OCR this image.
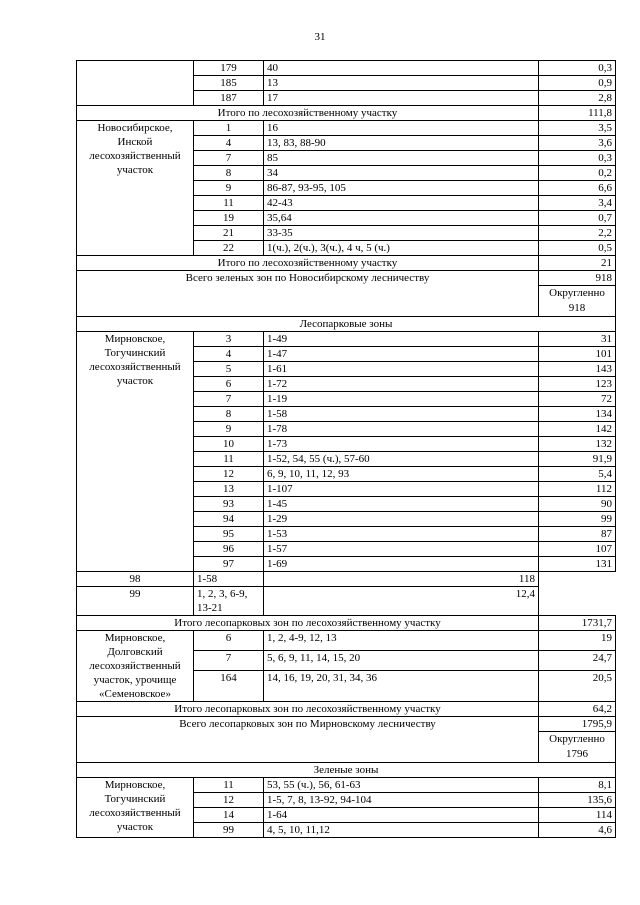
31
	179	40	0,3
	185	13	0,9
	187	17	2,8
Итого по лесохозяйственному участку			111,8
Новосибирское, Инской лесохозяйственный участок	1	16	3,5
	4	13, 83, 88-90	3,6
	7	85	0,3
	8	34	0,2
	9	86-87, 93-95, 105	6,6
	11	42-43	3,4
	19	35,64	0,7
	21	33-35	2,2
	22	1(ч.), 2(ч.), 3(ч.), 4 ч, 5 (ч.)	0,5
Итого по лесохозяйственному участку			21
Всего зеленых зон по Новосибирскому лесничеству			918
			Округленно 918
Лесопарковые зоны			
Мирновское, Тогучинский лесохозяйственный участок	3	1-49	31
	4	1-47	101
	5	1-61	143
	6	1-72	123
	7	1-19	72
	8	1-58	134
	9	1-78	142
	10	1-73	132
	11	1-52, 54, 55 (ч.), 57-60	91,9
	12	6, 9, 10, 11, 12, 93	5,4
	13	1-107	112
	93	1-45	90
	94	1-29	99
	95	1-53	87
	96	1-57	107
	97	1-69	131
98	1-58	118	
99	1, 2, 3, 6-9, 13-21	12,4	
Итого лесопарковых зон по лесохозяйственному участку			1731,7
Мирновское, Долговский лесохозяйственный участок, урочище «Семеновское»	6	1, 2, 4-9, 12, 13	19
	7	5, 6, 9, 11, 14, 15, 20	24,7
	164	14, 16, 19, 20, 31, 34, 36	20,5
Итого лесопарковых зон по лесохозяйственному участку			64,2
Всего лесопарковых зон по Мирновскому лесничеству			1795,9
			Округленно 1796
Зеленые зоны			
Мирновское, Тогучинский лесохозяйственный участок	11	53, 55 (ч.), 56, 61-63	8,1
	12	1-5, 7, 8, 13-92, 94-104	135,6
	14	1-64	114
	99	4, 5, 10, 11,12	4,6
